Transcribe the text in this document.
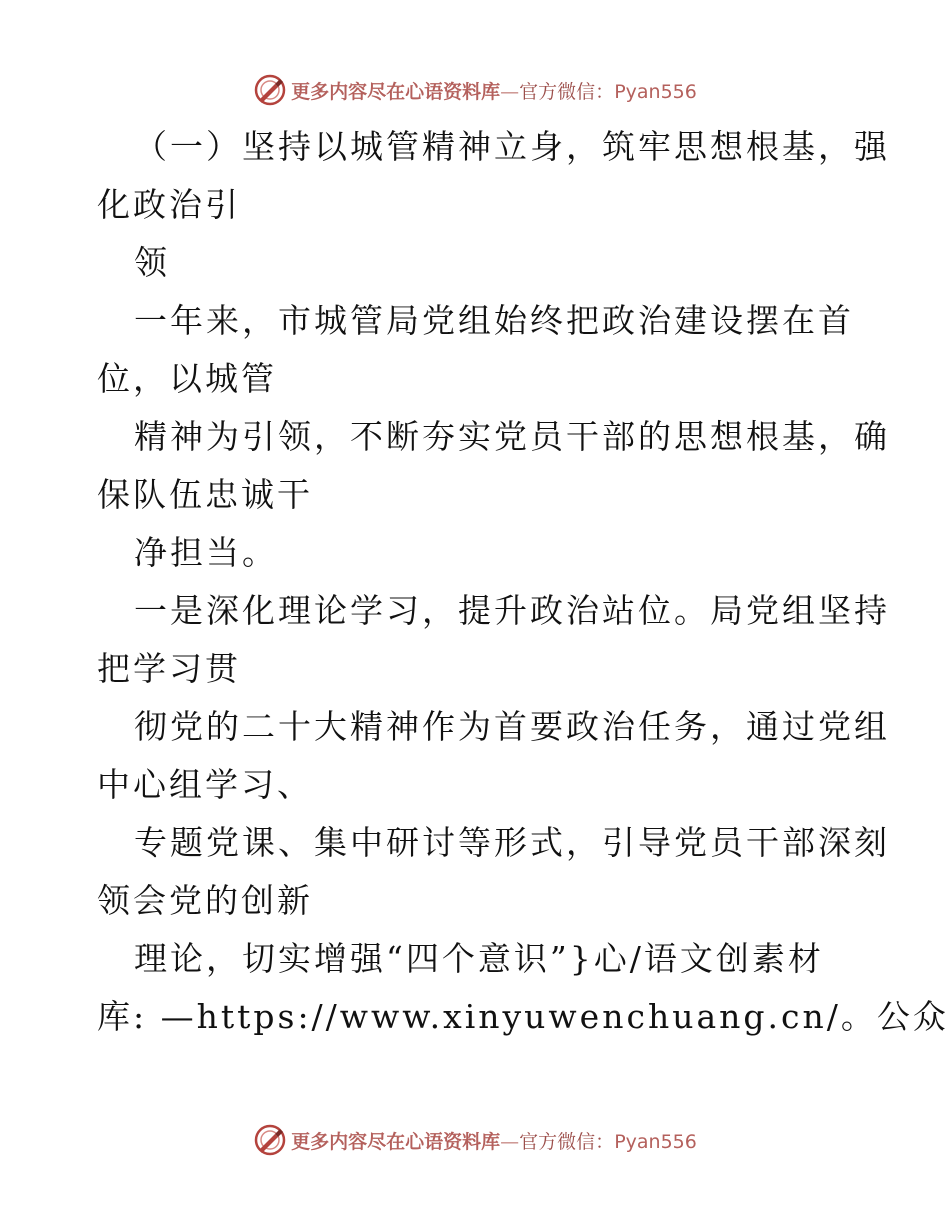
更多内容尽在心语资料库—官方微信：Pyan556
（一）坚持以城管精神立身，筑牢思想根基，强
化政治引
领
一年来，市城管局党组始终把政治建设摆在首
位，以城管
精神为引领，不断夯实党员干部的思想根基，确
保队伍忠诚干
净担当。
一是深化理论学习，提升政治站位。局党组坚持
把学习贯
彻党的二十大精神作为首要政治任务，通过党组
中心组学习、
专题党课、集中研讨等形式，引导党员干部深刻
领会党的创新
理论，切实增强“四个意识”}心/语文创素材
库: —https://www.xinyuwenchuang.cn/。公众
更多内容尽在心语资料库—官方微信：Pyan556
